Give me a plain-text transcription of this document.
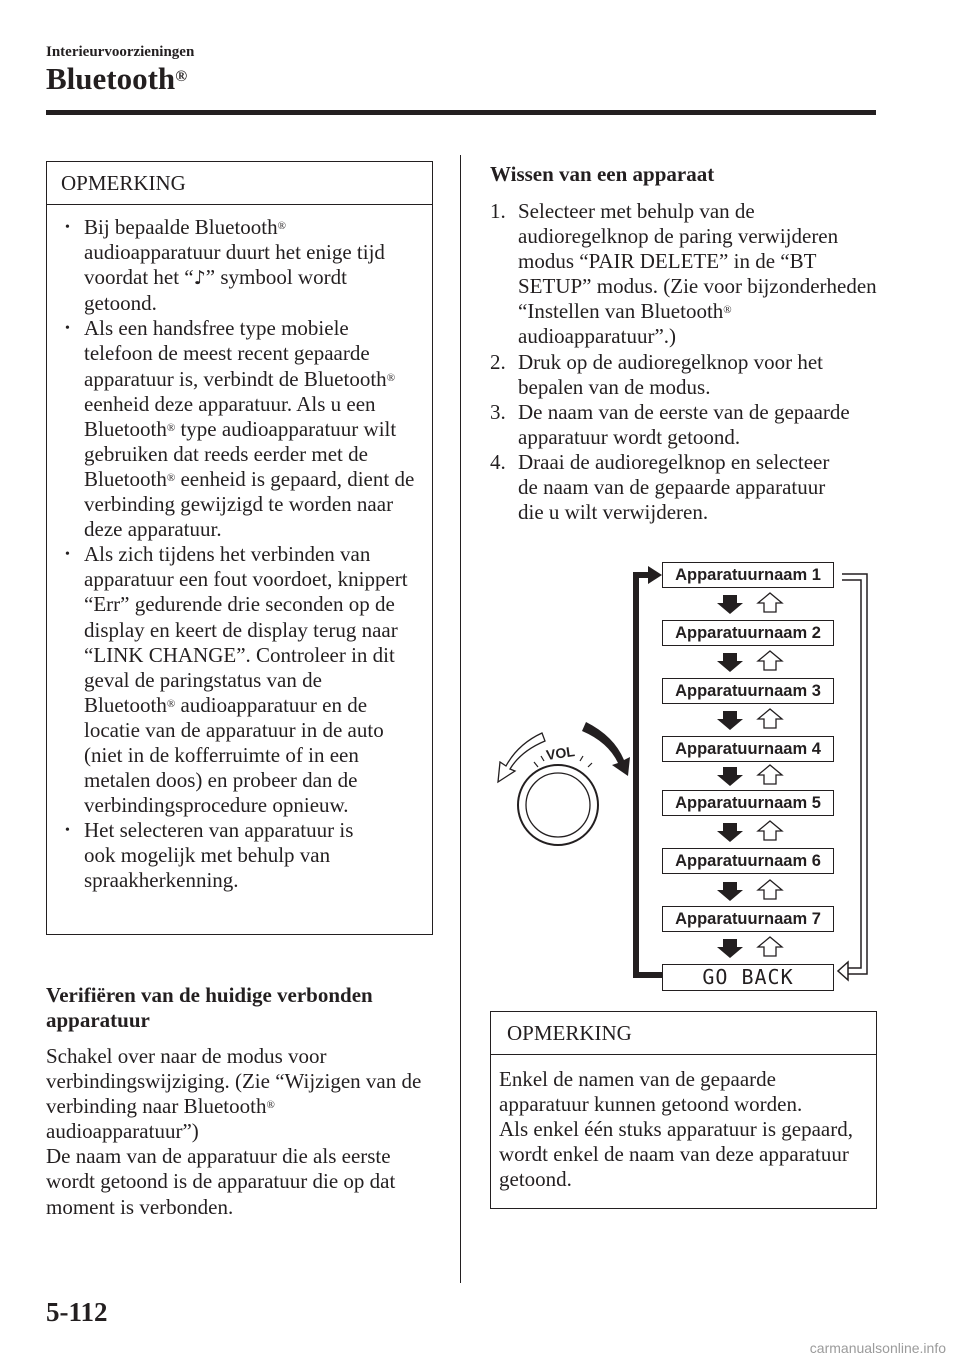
Interieurvoorzieningen
Bluetooth®
OPMERKING
• Bij bepaalde Bluetooth® audioapparatuur duurt het enige tijd voordat het “♪” symbool wordt getoond.
• Als een handsfree type mobiele telefoon de meest recent gepaarde apparatuur is, verbindt de Bluetooth® eenheid deze apparatuur. Als u een Bluetooth® type audioapparatuur wilt gebruiken dat reeds eerder met de Bluetooth® eenheid is gepaard, dient de verbinding gewijzigd te worden naar deze apparatuur.
• Als zich tijdens het verbinden van apparatuur een fout voordoet, knippert “Err” gedurende drie seconden op de display en keert de display terug naar “LINK CHANGE”. Controleer in dit geval de paringstatus van de Bluetooth® audioapparatuur en de locatie van de apparatuur in de auto (niet in de kofferruimte of in een metalen doos) en probeer dan de verbindingsprocedure opnieuw.
• Het selecteren van apparatuur is ook mogelijk met behulp van spraakherkenning.
Verifiëren van de huidige verbonden apparatuur
Schakel over naar de modus voor verbindingswijziging. (Zie “Wijzigen van de verbinding naar Bluetooth® audioapparatuur”)
De naam van de apparatuur die als eerste wordt getoond is de apparatuur die op dat moment is verbonden.
Wissen van een apparaat
1. Selecteer met behulp van de audioregelknop de paring verwijderen modus “PAIR DELETE” in de “BT SETUP” modus. (Zie voor bijzonderheden “Instellen van Bluetooth® audioapparatuur”.)
2. Druk op de audioregelknop voor het bepalen van de modus.
3. De naam van de eerste van de gepaarde apparatuur wordt getoond.
4. Draai de audioregelknop en selecteer de naam van de gepaarde apparatuur die u wilt verwijderen.
VOL
Apparatuurnaam 1
Apparatuurnaam 2
Apparatuurnaam 3
Apparatuurnaam 4
Apparatuurnaam 5
Apparatuurnaam 6
Apparatuurnaam 7
GO BACK
OPMERKING
Enkel de namen van de gepaarde apparatuur kunnen getoond worden.
Als enkel één stuks apparatuur is gepaard, wordt enkel de naam van deze apparatuur getoond.
5-112
carmanualsonline.info
